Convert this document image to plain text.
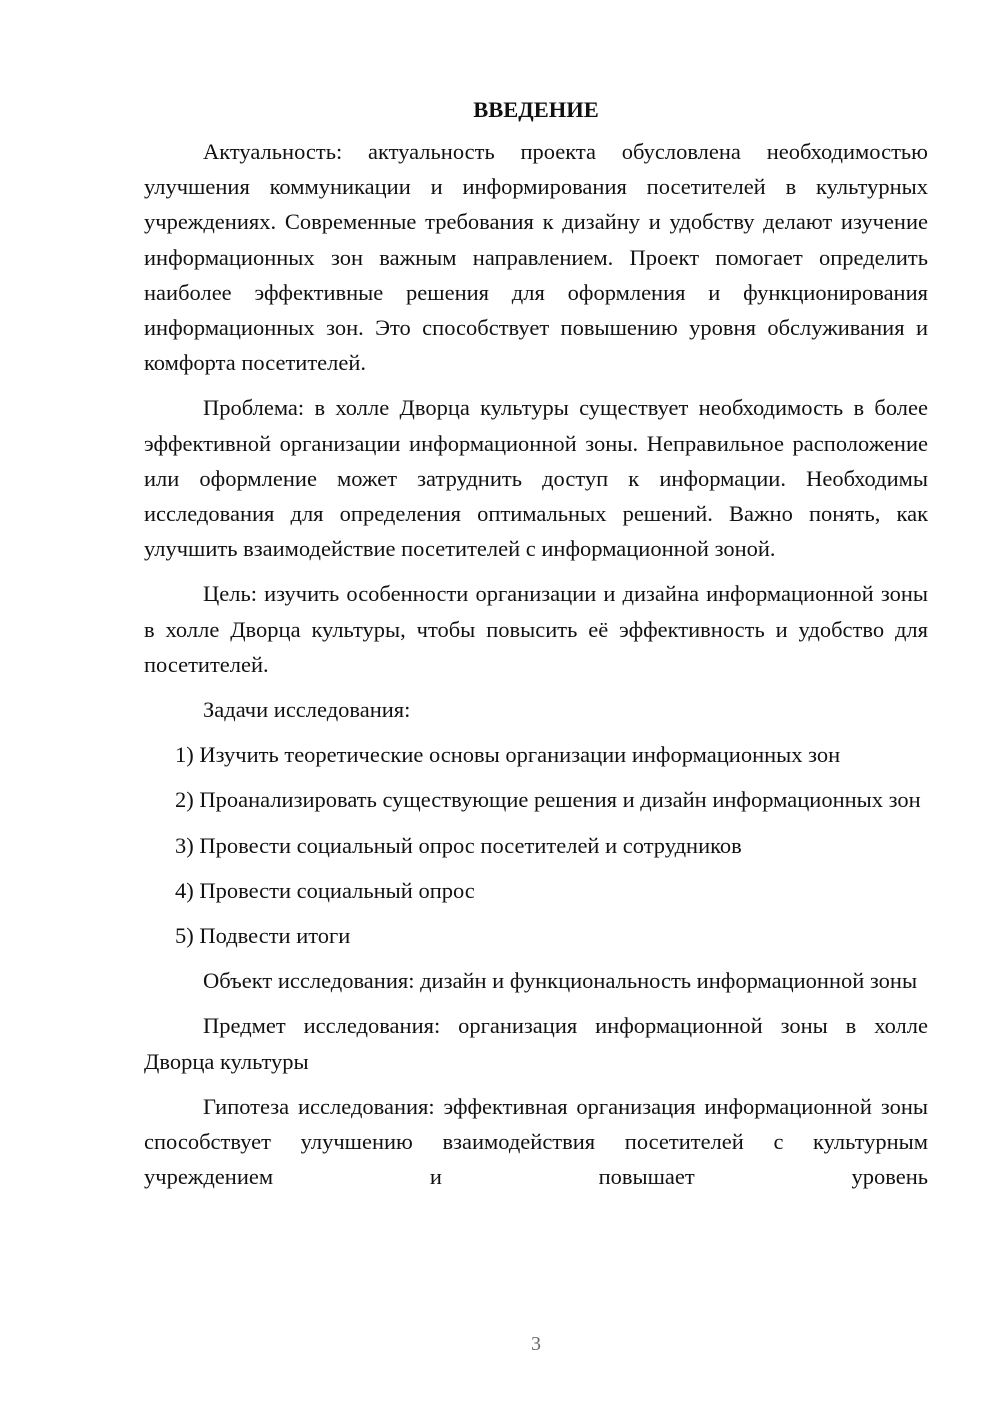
ВВЕДЕНИЕ

Актуальность: актуальность проекта обусловлена необходимостью улучшения коммуникации и информирования посетителей в культурных учреждениях. Современные требования к дизайну и удобству делают изучение информационных зон важным направлением. Проект помогает определить наиболее эффективные решения для оформления и функционирования информационных зон. Это способствует повышению уровня обслуживания и комфорта посетителей.

Проблема: в холле Дворца культуры существует необходимость в более эффективной организации информационной зоны. Неправильное расположение или оформление может затруднить доступ к информации. Необходимы исследования для определения оптимальных решений. Важно понять, как улучшить взаимодействие посетителей с информационной зоной.

Цель: изучить особенности организации и дизайна информационной зоны в холле Дворца культуры, чтобы повысить её эффективность и удобство для посетителей.

Задачи исследования:

1) Изучить теоретические основы организации информационных зон

2) Проанализировать существующие решения и дизайн информационных зон

3) Провести социальный опрос посетителей и сотрудников

4) Провести социальный опрос

5) Подвести итоги

Объект исследования: дизайн и функциональность информационной зоны

Предмет исследования: организация информационной зоны в холле Дворца культуры

Гипотеза исследования: эффективная организация информационной зоны способствует улучшению взаимодействия посетителей с культурным учреждением и повышает уровень

3
